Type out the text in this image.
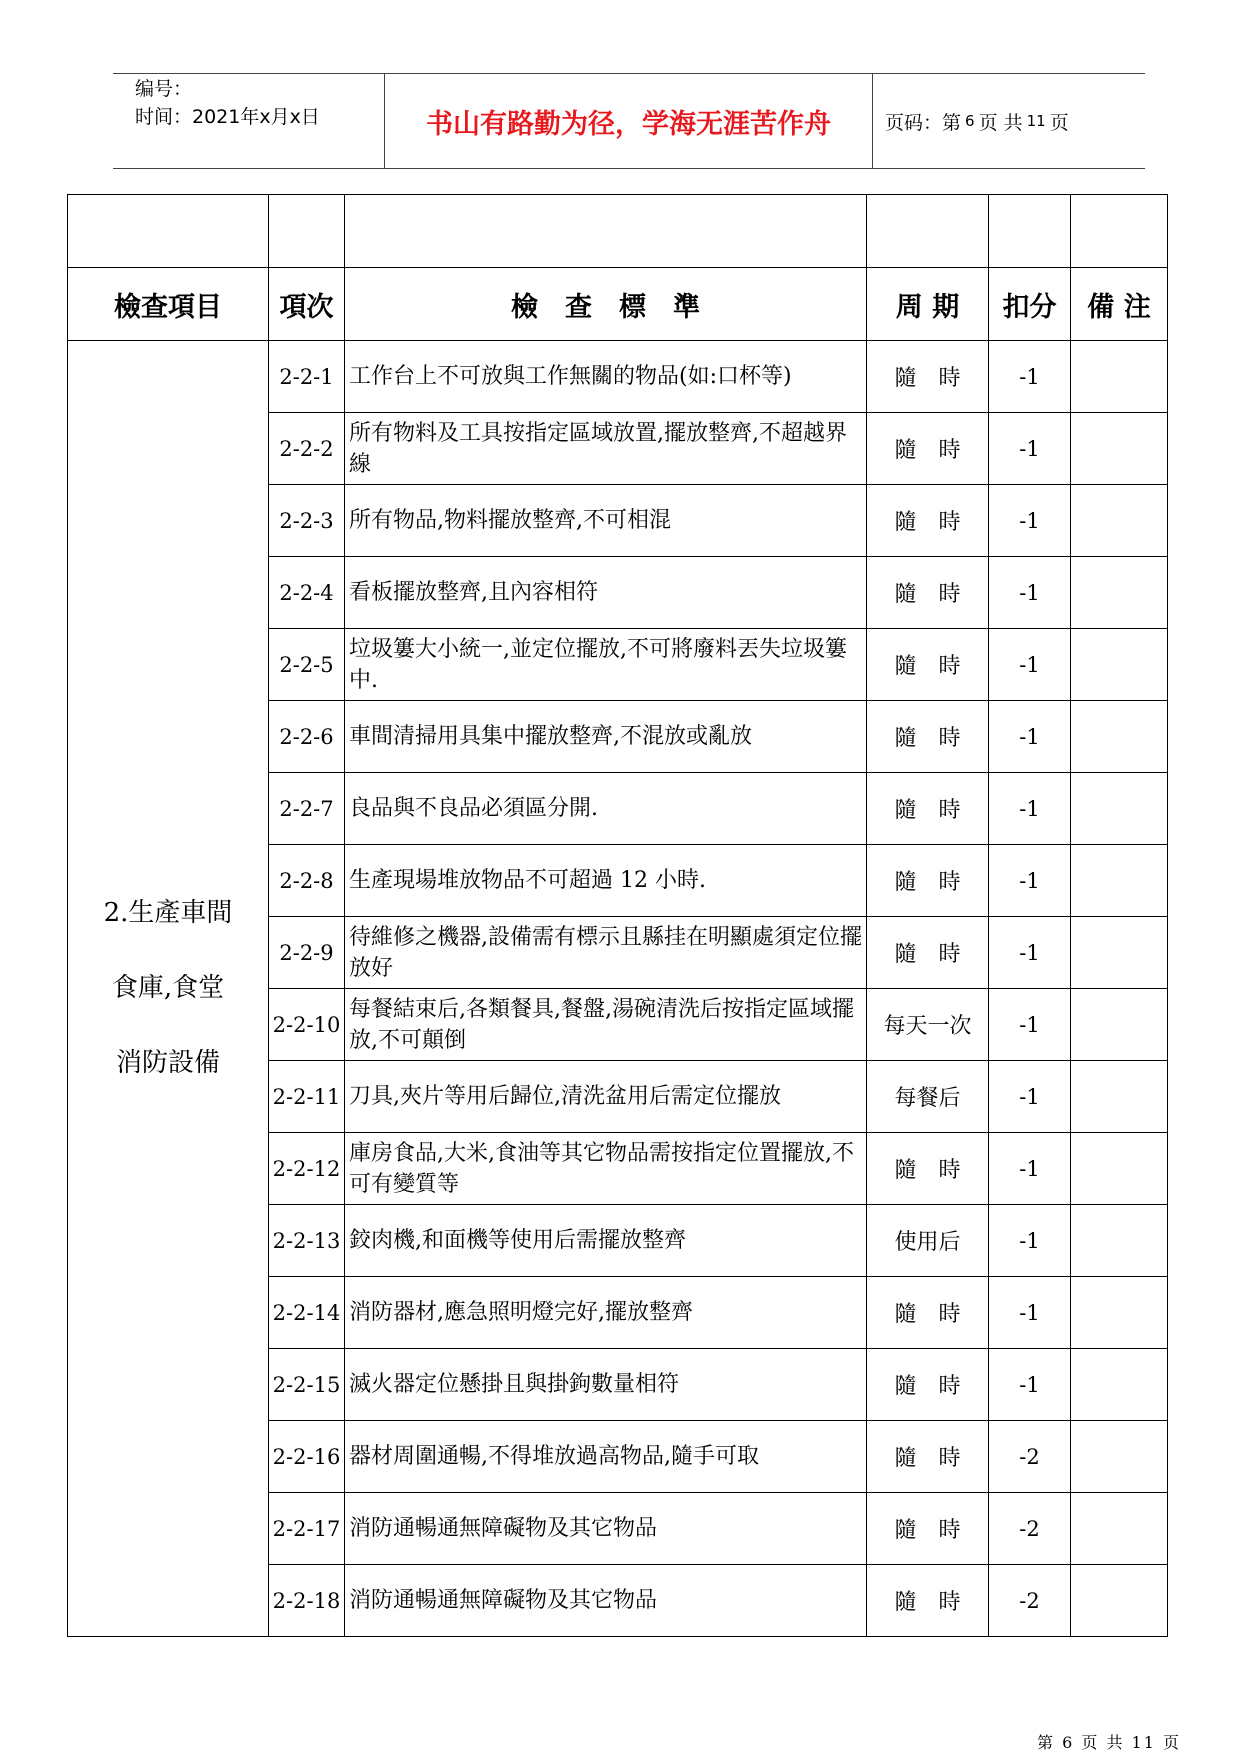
编号：
时间：2021年x月x日	书山有路勤为径，学海无涯苦作舟	页码：第 6 页 共 11 页

檢查項目	項次	檢　查　標　準	周 期	扣分	備 注

2.生產車間
食庫,食堂
消防設備	2-2-1	工作台上不可放與工作無關的物品(如:口杯等)	隨　時	-1	
	2-2-2	所有物料及工具按指定區域放置,擺放整齊,不超越界線	隨　時	-1	
	2-2-3	所有物品,物料擺放整齊,不可相混	隨　時	-1	
	2-2-4	看板擺放整齊,且內容相符	隨　時	-1	
	2-2-5	垃圾簍大小統一,並定位擺放,不可將廢料丟失垃圾簍中.	隨　時	-1	
	2-2-6	車間清掃用具集中擺放整齊,不混放或亂放	隨　時	-1	
	2-2-7	良品與不良品必須區分開.	隨　時	-1	
	2-2-8	生產現場堆放物品不可超過 12 小時.	隨　時	-1	
	2-2-9	待維修之機器,設備需有標示且縣挂在明顯處須定位擺放好	隨　時	-1	
	2-2-10	每餐結束后,各類餐具,餐盤,湯碗清洗后按指定區域擺放,不可顛倒	每天一次	-1	
	2-2-11	刀具,夾片等用后歸位,清洗盆用后需定位擺放	每餐后	-1	
	2-2-12	庫房食品,大米,食油等其它物品需按指定位置擺放,不可有變質等	隨　時	-1	
	2-2-13	鉸肉機,和面機等使用后需擺放整齊	使用后	-1	
	2-2-14	消防器材,應急照明燈完好,擺放整齊	隨　時	-1	
	2-2-15	滅火器定位懸掛且與掛鉤數量相符	隨　時	-1	
	2-2-16	器材周圍通暢,不得堆放過高物品,隨手可取	隨　時	-2	
	2-2-17	消防通暢通無障礙物及其它物品	隨　時	-2	
	2-2-18	消防通暢通無障礙物及其它物品	隨　時	-2	
第 6 页 共 11 页
